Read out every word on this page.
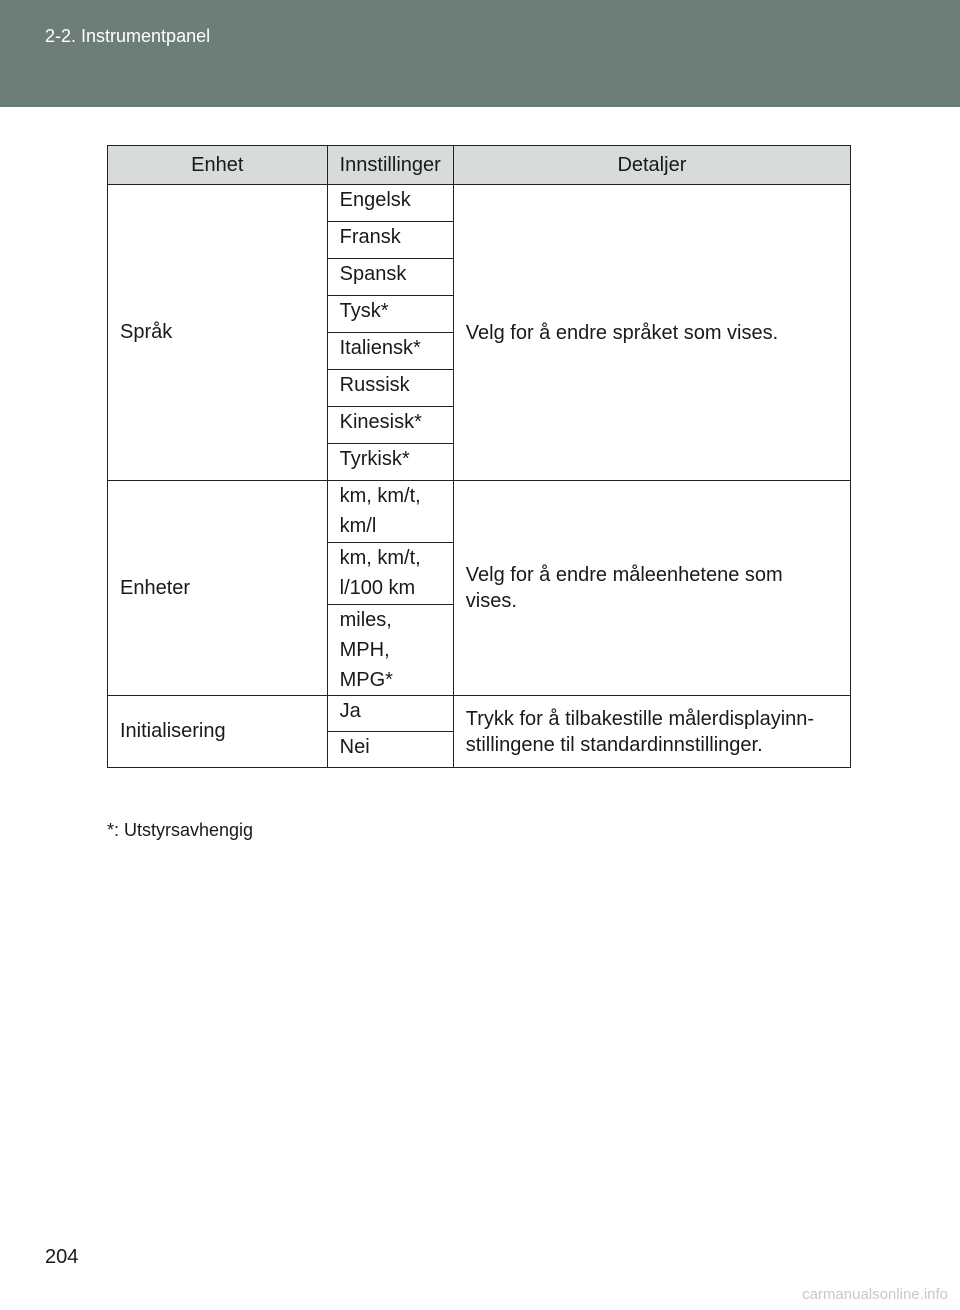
2-2. Instrumentpanel
Enhet	Innstillinger	Detaljer
Språk	Engelsk	Velg for å endre språket som vises.
	Fransk	
	Spansk	
	Tysk*	
	Italiensk*	
	Russisk	
	Kinesisk*	
	Tyrkisk*	
Enheter	km, km/t, km/l	Velg for å endre måleenhetene som vises.
	km, km/t, l/100 km	
	miles, MPH, MPG*	
Initialisering	Ja	Trykk for å tilbakestille målerdisplayinn-stillingene til standardinnstillinger.
	Nei	
*: Utstyrsavhengig
204
carmanualsonline.info
